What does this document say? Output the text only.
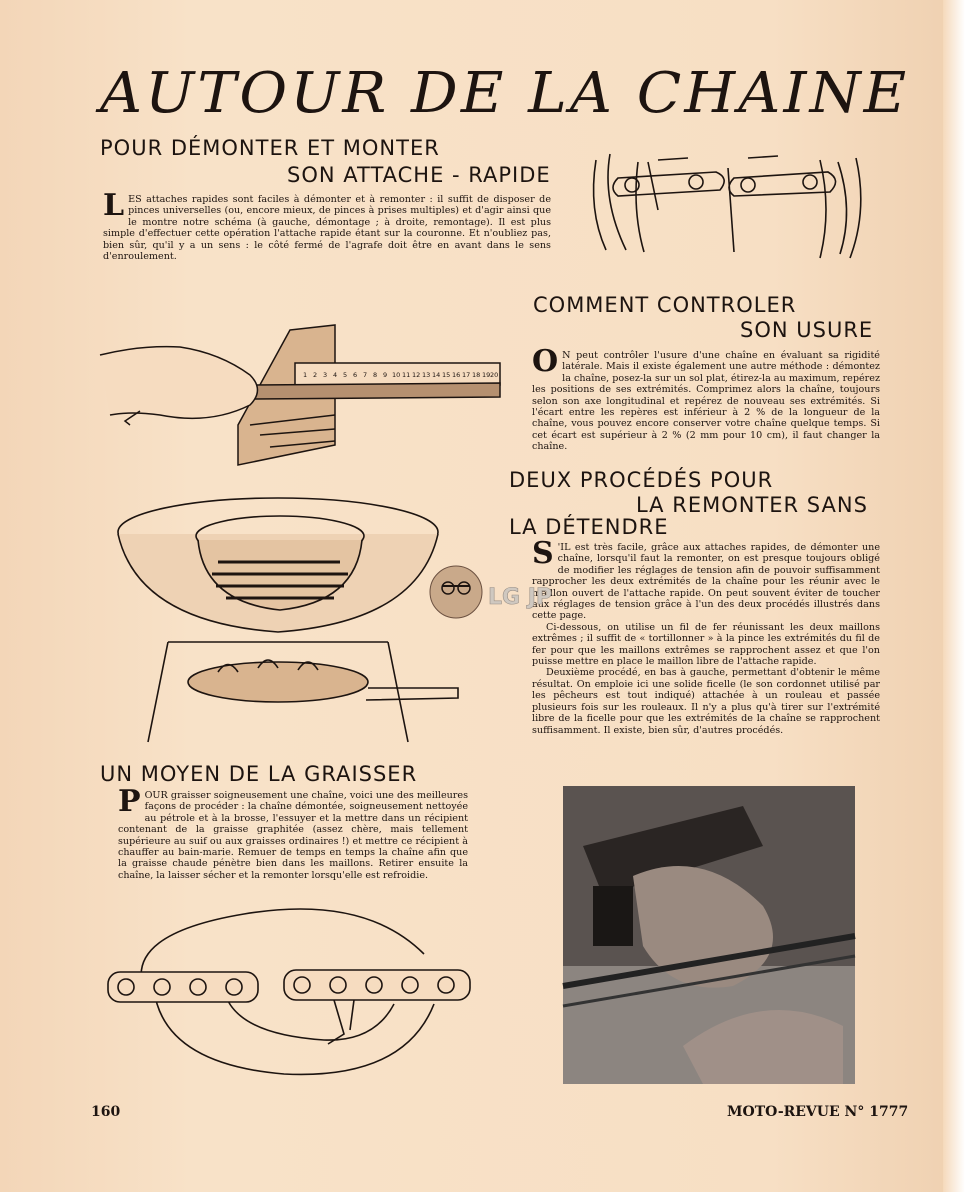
AUTOUR DE LA CHAINE
POUR DÉMONTER ET MONTER
SON ATTACHE - RAPIDE

LES attaches rapides sont faciles à démonter et à remonter : il suffit de disposer de pinces universelles (ou, encore mieux, de pinces à prises multiples) et d'agir ainsi que le montre notre schéma (à gauche, démontage ; à droite, remontage). Il est plus simple d'effectuer cette opération l'attache rapide étant sur la couronne. Et n'oubliez pas, bien sûr, qu'il y a un sens : le côté fermé de l'agrafe doit être en avant dans le sens d'enroulement.

COMMENT CONTROLER
SON USURE

O N peut contrôler l'usure d'une chaîne en évaluant sa rigidité latérale. Mais il existe également une autre méthode : démontez la chaîne, posez-la sur un sol plat, étirez-la au maximum, repérez les positions de ses extrémités. Comprimez alors la chaîne, toujours selon son axe longitudinal et repérez de nouveau ses extrémités. Si l'écart entre les repères est inférieur à 2 % de la longueur de la chaîne, vous pouvez encore conserver votre chaîne quelque temps. Si cet écart est supérieur à 2 % (2 mm pour 10 cm), il faut changer la chaîne.

1 2 3 4 5 6 7 8 9 10 11 12 13 14 15 16 17 18 19 20
DEUX PROCÉDÉS POUR
LA REMONTER SANS
LA DÉTENDRE

S 'IL est très facile, grâce aux attaches rapides, de démonter une chaîne, lorsqu'il faut la remonter, on est presque toujours obligé de modifier les réglages de tension afin de pouvoir suffisamment rapprocher les deux extrémités de la chaîne pour les réunir avec le maillon ouvert de l'attache rapide. On peut souvent éviter de toucher aux réglages de tension grâce à l'un des deux procédés illustrés dans cette page.

Ci-dessous, on utilise un fil de fer réunissant les deux maillons extrêmes ; il suffit de « tortillonner » à la pince les extrémités du fil de fer pour que les maillons extrêmes se rapprochent assez et que l'on puisse mettre en place le maillon libre de l'attache rapide.

Deuxième procédé, en bas à gauche, permettant d'obtenir le même résultat. On emploie ici une solide ficelle (le son cordonnet utilisé par les pêcheurs est tout indiqué) attachée à un rouleau et passée plusieurs fois sur les rouleaux. Il n'y a plus qu'à tirer sur l'extrémité libre de la ficelle pour que les extrémités de la chaîne se rapprochent suffisamment. Il existe, bien sûr, d'autres procédés.

LG JP
UN MOYEN DE LA GRAISSER

POUR graisser soigneusement une chaîne, voici une des meilleures façons de procéder : la chaîne démontée, soigneusement nettoyée au pétrole et à la brosse, l'essuyer et la mettre dans un récipient contenant de la graisse graphitée (assez chère, mais tellement supérieure au suif ou aux graisses ordinaires !) et mettre ce récipient à chauffer au bain-marie. Remuer de temps en temps la chaîne afin que la graisse chaude pénètre bien dans les maillons. Retirer ensuite la chaîne, la laisser sécher et la remonter lorsqu'elle est refroidie.

160	MOTO-REVUE N° 1777
